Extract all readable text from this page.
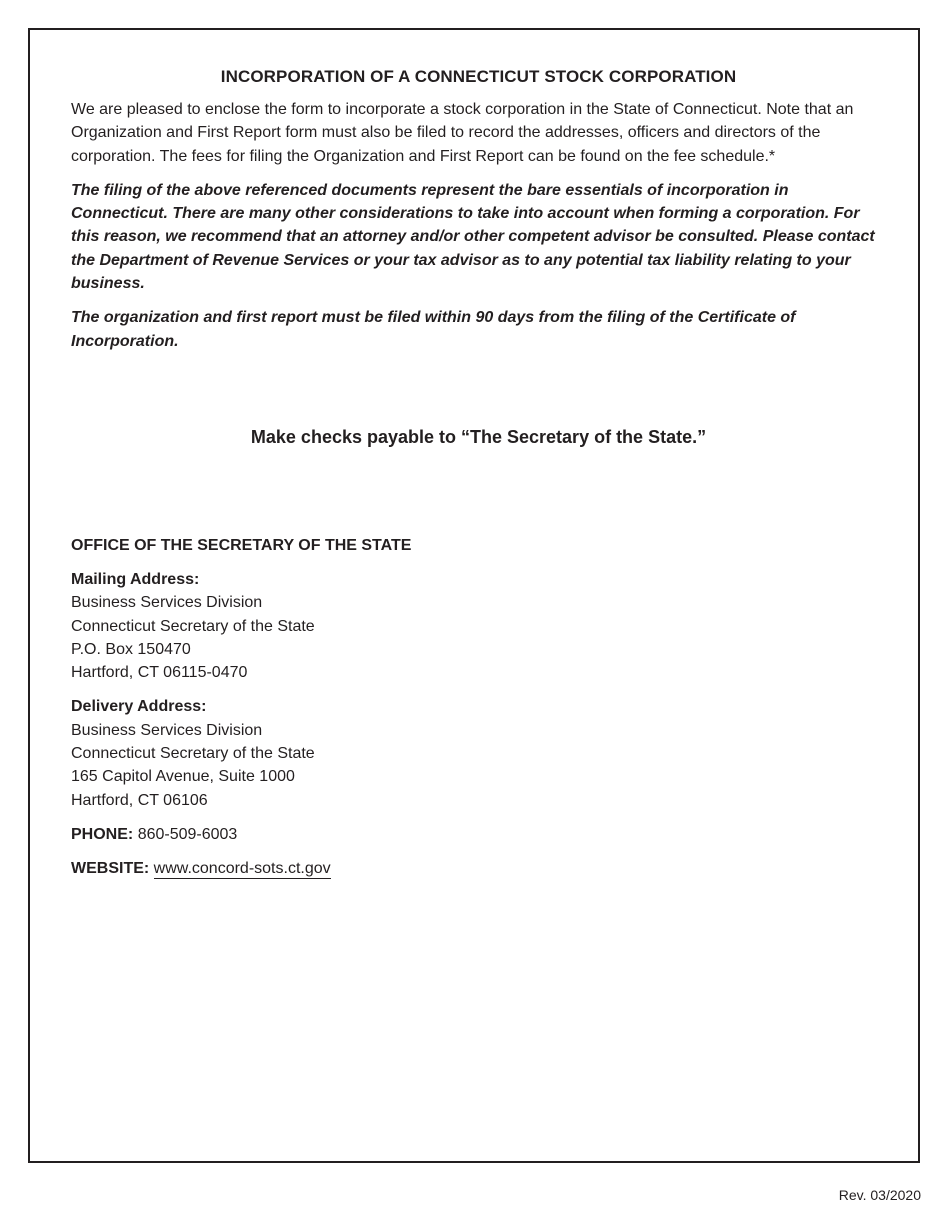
INCORPORATION OF A CONNECTICUT STOCK CORPORATION

We are pleased to enclose the form to incorporate a stock corporation in the State of Connecticut. Note that an Organization and First Report form must also be filed to record the addresses, officers and directors of the corporation. The fees for filing the Organization and First Report can be found on the fee schedule.*

The filing of the above referenced documents represent the bare essentials of incorporation in Connecticut. There are many other considerations to take into account when forming a corporation. For this reason, we recommend that an attorney and/or other competent advisor be consulted. Please contact the Department of Revenue Services or your tax advisor as to any potential tax liability relating to your business.

The organization and first report must be filed within 90 days from the filing of the Certificate of Incorporation.

Make checks payable to “The Secretary of the State.”
OFFICE OF THE SECRETARY OF THE STATE
Mailing Address:
Business Services Division
Connecticut Secretary of the State
P.O. Box 150470
Hartford, CT 06115-0470
Delivery Address:
Business Services Division
Connecticut Secretary of the State
165 Capitol Avenue, Suite 1000
Hartford, CT 06106
PHONE: 860-509-6003
WEBSITE: www.concord-sots.ct.gov
Rev. 03/2020
